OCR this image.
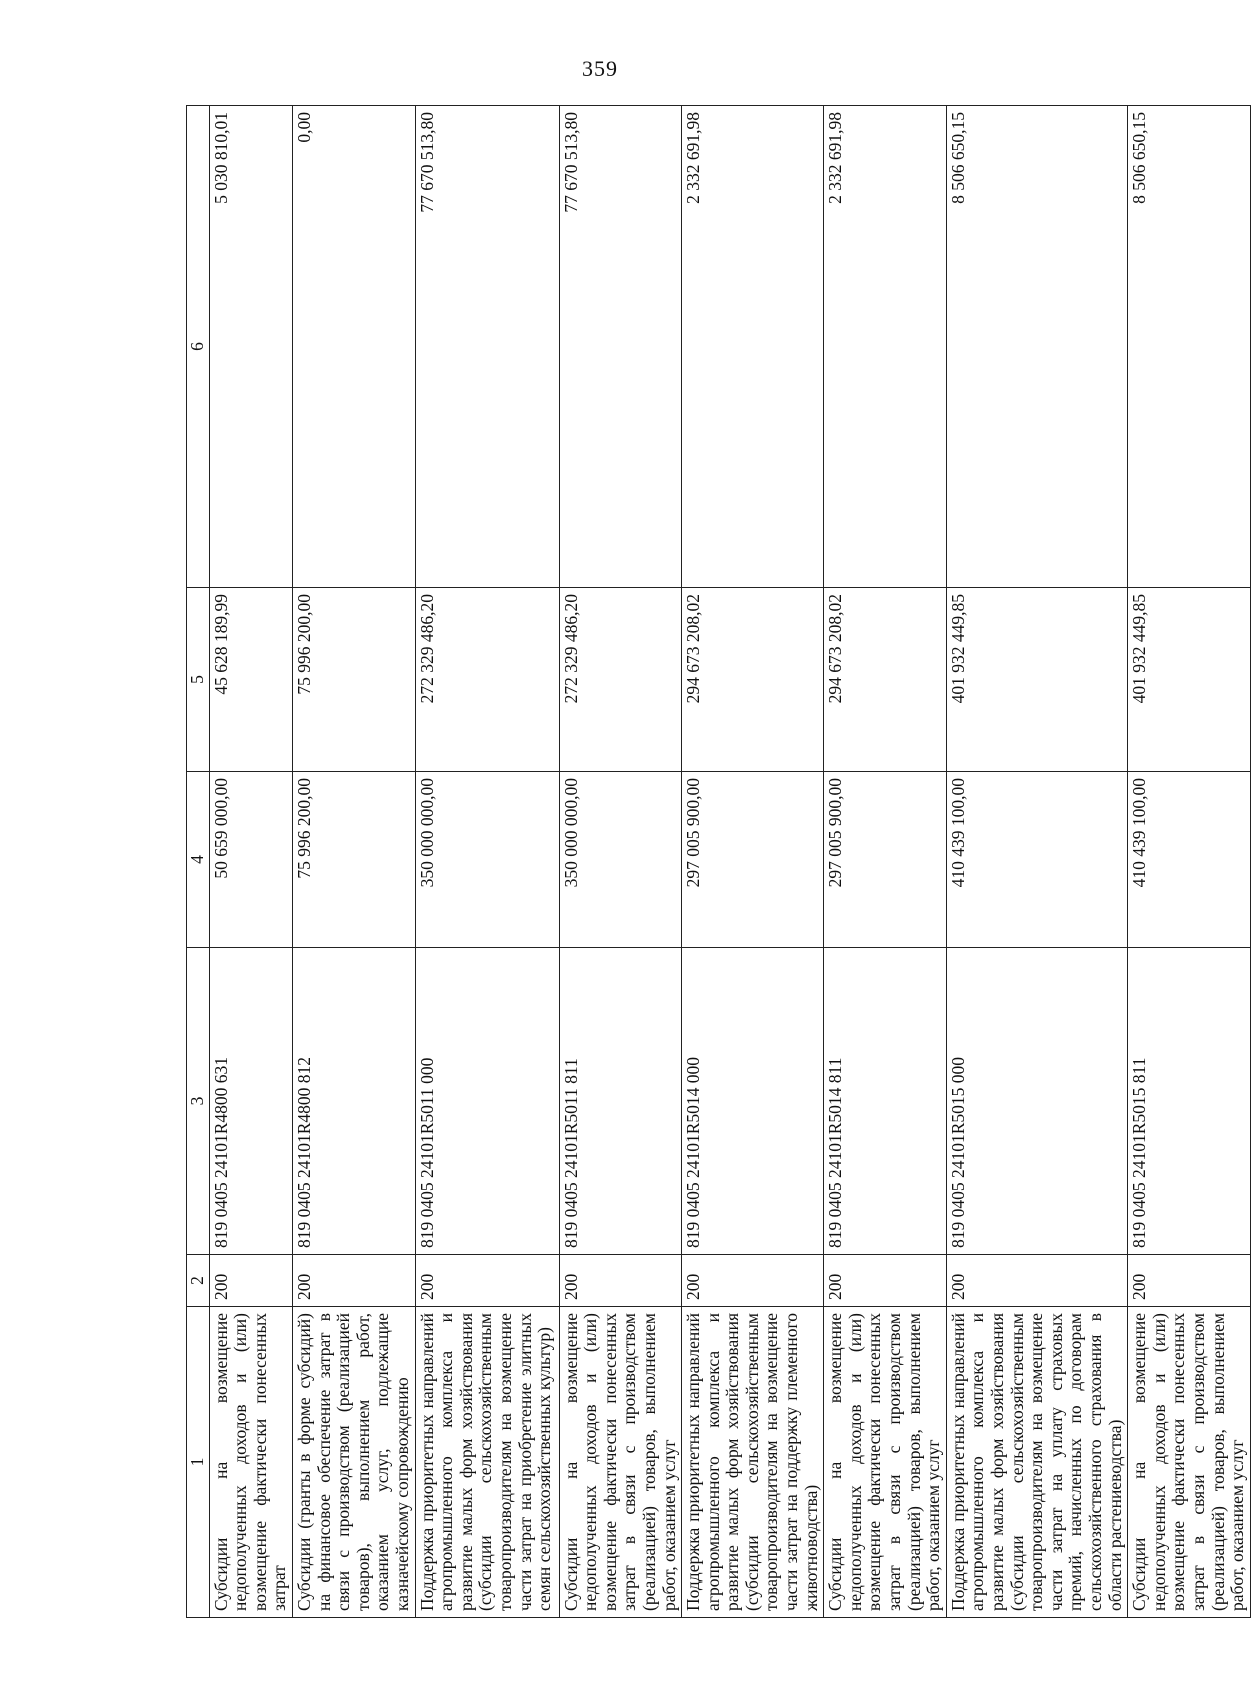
359
1	2	3	4	5	6
Субсидии на возмещение недополученных доходов и (или) возмещение фактически понесенных затрат	200	819 0405 24101R4800 631	50 659 000,00	45 628 189,99	5 030 810,01
Субсидии (гранты в форме субсидий) на финансовое обеспечение затрат в связи с производством (реализацией товаров), выполнением работ, оказанием услуг, подлежащие казначейскому сопровождению	200	819 0405 24101R4800 812	75 996 200,00	75 996 200,00	0,00
Поддержка приоритетных направлений агропромышленного комплекса и развитие малых форм хозяйствования (субсидии сельскохозяйственным товаропроизводителям на возмещение части затрат на приобретение элитных семян сельскохозяйственных культур)	200	819 0405 24101R5011 000	350 000 000,00	272 329 486,20	77 670 513,80
Субсидии на возмещение недополученных доходов и (или) возмещение фактически понесенных затрат в связи с производством (реализацией) товаров, выполнением работ, оказанием услуг	200	819 0405 24101R5011 811	350 000 000,00	272 329 486,20	77 670 513,80
Поддержка приоритетных направлений агропромышленного комплекса и развитие малых форм хозяйствования (субсидии сельскохозяйственным товаропроизводителям на возмещение части затрат на поддержку племенного животноводства)	200	819 0405 24101R5014 000	297 005 900,00	294 673 208,02	2 332 691,98
Субсидии на возмещение недополученных доходов и (или) возмещение фактически понесенных затрат в связи с производством (реализацией) товаров, выполнением работ, оказанием услуг	200	819 0405 24101R5014 811	297 005 900,00	294 673 208,02	2 332 691,98
Поддержка приоритетных направлений агропромышленного комплекса и развитие малых форм хозяйствования (субсидии сельскохозяйственным товаропроизводителям на возмещение части затрат на уплату страховых премий, начисленных по договорам сельскохозяйственного страхования в области растениеводства)	200	819 0405 24101R5015 000	410 439 100,00	401 932 449,85	8 506 650,15
Субсидии на возмещение недополученных доходов и (или) возмещение фактически понесенных затрат в связи с производством (реализацией) товаров, выполнением работ, оказанием услуг	200	819 0405 24101R5015 811	410 439 100,00	401 932 449,85	8 506 650,15
